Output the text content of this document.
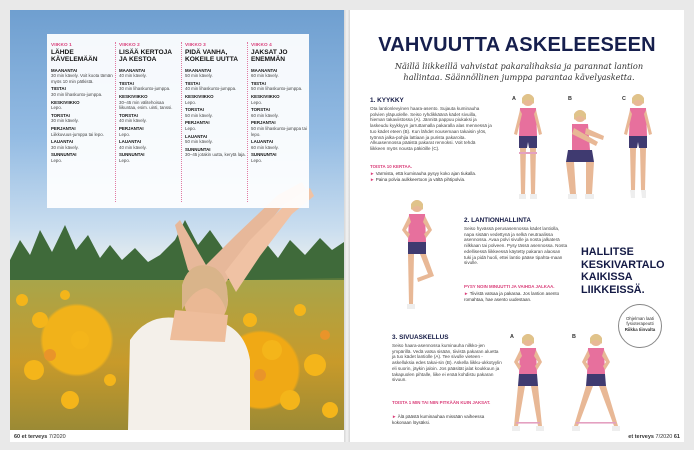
VIIKKO 1
LÄHDE KÄVELEMÄÄN
MAANANTAI
30 min kävely. Voit koota tämän myös 10 min pätkistä.
TIISTAI
30 min lihaskunto-jumppa.
KESKIVIIKKO
Lepo.
TORSTAI
30 min kävely.
PERJANTAI
Liikkuvuus-jumppa tai lepo.
LAUANTAI
30 min kävely.
SUNNUNTAI
Lepo.
VIIKKO 2
LISÄÄ KERTOJA JA KESTOA
MAANANTAI
40 min kävely.
TIISTAI
30 min lihaskunto-jumppa.
KESKIVIIKKO
30–45 min välitehoisaa liikuntaa, esim. uinti, tanssi.
TORSTAI
40 min kävely.
PERJANTAI
Lepo.
LAUANTAI
40 min kävely.
SUNNUNTAI
Lepo.
VIIKKO 3
PIDÄ VANHA, KOKEILE UUTTA
MAANANTAI
50 min kävely.
TIISTAI
40 min lihaskunto-jumppa.
KESKIVIIKKO
Lepo.
TORSTAI
50 min kävely.
PERJANTAI
Lepo.
LAUANTAI
50 min kävely.
SUNNUNTAI
30–45 jotakin uutta, kerytä laja.
VIIKKO 4
JAKSAT JO ENEMMÄN
MAANANTAI
60 min kävely.
TIISTAI
50 min lihaskunto-jumppa.
KESKIVIIKKO
Lepo.
TORSTAI
60 min kävely.
PERJANTAI
50 min lihaskunto-jumppa tai lepo.
LAUANTAI
60 min kävely.
SUNNUNTAI
Lepo.
60 et terveys 7/2020
VAHVUUTTA ASKELEESEEN
Näillä liikkeillä vahvistat pakaralihaksia ja parannat lantion hallintaa. Säännöllinen jumppa parantaa kävelyasketta.
1. KYYKKY
Ota lantionlevyinen haara-asento. Sujauta kuminauha polvien yläpuolelle. Seiso ryhdikkäänä kädet sivuilla, hieman takaviistossa (A). Jännitä pappuu piukaksi ja laskeudu kyykkyyn jarruttamalla pakaralla alas mennessä ja tuo kädet eteen (B). Kun lähdet nousemaan takaisin ylös, työnnä jalka-pohjia lattiaan ja purista pakaroita. Alkuasennossa pääistä pakarat rennoksi. Voit tehdä liikkeen myös nousta päkiöille (C).
TOISTA 10 KERTAA.
► Varmista, että kuminauha pysyy koko ajan tiukalla.
► Paina polvia aulkkeertoon ja vältä pihtipolvia.
A	B	C
2. LANTIONHALLINTA
Seiso hyvässä perusasennossa kädet lantiolla, napa sisään vedettynä ja selkä neutraalissa asennossa. Avaa polvi sivulle ja nosta jalkaterä nilkkaan tai polveen. Pysy tässä asennossa. Nosta edellisessä liikkeessä käytetty pakaran alaosan tuki ja pidä huoli, ettei lantio pääse tipahta-maan sivulle.
PYSY NOIN MINUUTTI JA VAIHDA JALKAA.
► Tiivistä vatsaa ja pakaraa. Jos lantion asento romahtaa, hae asento uudestaan.
HALLITSE KESKIVARTALO KAIKISSA LIIKKEISSÄ.
Ohjelman laati fysioterapeutti
Riikka Iiinvalta
3. SIVUASKELLUS
Seiso haara-asennossa kuminauha nilkko-jen ympärillä. Vedä vatsa sisään, tiivistä pakaran aluetta ja tuo kädet lantiolle (A). Tee sivulle vieteen -askelluksia edes takai-sin (B). Askella liikku-ukkotyylin eli suorin, jäykin jaloin. Jos pääsität jalat koukkuun ja takapuolen pihtalle, liike ei enää kohdistu pakaran sivuun.
TOISTA 1 MIN TAI NIIN PITKÄÄN KUIN JAKSAT.
► Älä päästä kuminauhaa missään vaiheessa kokonaan löysäksi.
A	B
et terveys 7/2020 61
